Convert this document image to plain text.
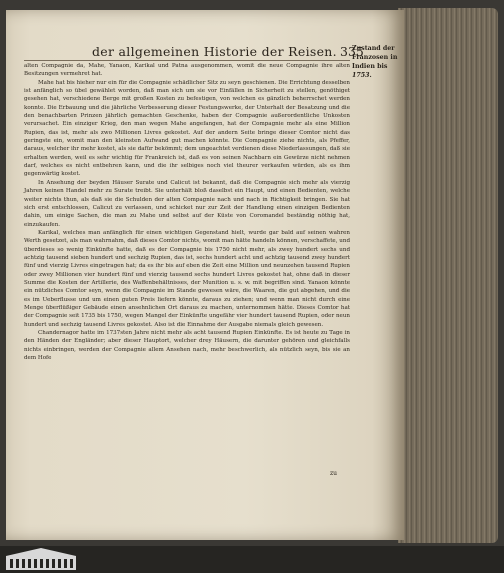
der allgemeinen Historie der Reisen. 335
Zustand der
Franzosen in
Indien bis
1753.

alten Compagnie da, Mahe, Yanaon, Karikal und Patna ausgenommen, womit die neue Compagnie ihre alten Besitzungen vermehret hat.

Mahe hat bis hieher nur ein für die Compagnie schädlicher Sitz zu seyn geschienen. Die Errichtung desselben ist anfänglich so übel gewählet worden, daß man sich um sie vor Einfällen in Sicherheit zu stellen, genöthiget gesehen hat, verschiedene Berge mit großen Kosten zu befestigen, von welchen es gänzlich beherrschet werden konnte. Die Erbauung und die jährliche Verbesserung dieser Festungswerke, der Unterhalt der Besatzung und die den benachbarten Prinzen jährlich gemachten Geschenke, haben der Compagnie außerordentliche Unkosten verursachet. Ein einziger Krieg, den man wegen Mahe angefangen, hat der Compagnie mehr als eine Million Rupien, das ist, mehr als zwo Millionen Livres gekostet. Auf der andern Seite bringe dieser Comtor nicht das geringste ein, womit man den kleinsten Aufwand gut machen könnte. Die Compagnie ziehe nichts, als Pfeffer, daraus, welcher ihr mehr kostet, als sie dafür bekömmt; dem ungeachtet verdienen diese Niederlassungen, daß sie erhalten werden, weil es sehr wichtig für Frankreich ist, daß es von seinen Nachbarn ein Gewürze nicht nehmen darf, welches es nicht entbehren kann, und die ihr selbiges noch viel theurer verkaufen würden, als es ihm gegenwärtig kostet.

In Ansehung der beyden Häuser Surate und Calicut ist bekannt, daß die Compagnie sich mehr als vierzig Jahren keinen Handel mehr zu Surate treibt. Sie unterhält bloß daselbst ein Haupt, und einen Bedienten, welche weiter nichts thun, als daß sie die Schulden der alten Compagnie nach und nach in Richtigkeit bringen. Sie hat sich erst entschlossen, Calicut zu verlassen, und schicket nur zur Zeit der Handlung einen einzigen Bedienten dahin, um einige Sachen, die man zu Mahe und selbst auf der Küste von Coromandel beständig nöthig hat, einzukaufen.

Karikal, welches man anfänglich für einen wichtigen Gegenstand hielt, wurde gar bald auf seinen wahren Werth gesetzet, als man wahrnahm, daß dieses Comtor nichts, womit man hätte handeln können, verschaffete, und überdieses so wenig Einkünfte hatte, daß es der Compagnie bis 1750 nicht mehr, als zwey hundert sechs und achtzig tausend sieben hundert und sechzig Rupien, das ist, sechs hundert acht und achtzig tausend zwey hundert fünf und vierzig Livres eingetragen hat; da es ihr bis auf eben die Zeit eine Million und neunzehen tausend Rupien oder zwey Millionen vier hundert fünf und vierzig tausend sechs hundert Livres gekostet hat, ohne daß in dieser Summe die Kosten der Artillerie, des Waffenbehältnisses, der Munition u. s. w. mit begriffen sind. Yanaon könnte ein nützliches Comtor seyn, wenn die Compagnie im Stande gewesen wäre, die Waaren, die gut abgehen, und die es im Ueberflusse und um einen guten Preis liefern könnte, daraus zu ziehen; und wenn man nicht durch eine Menge überflüßiger Gebäude einen ansehnlichen Ort daraus zu machen, unternommen hätte. Dieses Comtor hat der Compagnie seit 1735 bis 1750, wegen Mangel der Einkünfte ungefähr vier hundert tausend Rupien, oder neun hundert und sechzig tausend Livres gekostet. Also ist die Einnahme der Ausgabe niemals gleich gewesen.

Chandernagor hatte im 1737sten Jahre nicht mehr als acht tausend Rupien Einkünfte. Es ist heute zu Tage in den Händen der Engländer; aber dieser Hauptort, welcher drey Häusern, die darunter gehören und gleichfalls nichts einbringen, werden der Compagnie allem Ansehen nach, mehr beschwerlich, als nützlich seyn, bis sie an dem Hofe

zu
